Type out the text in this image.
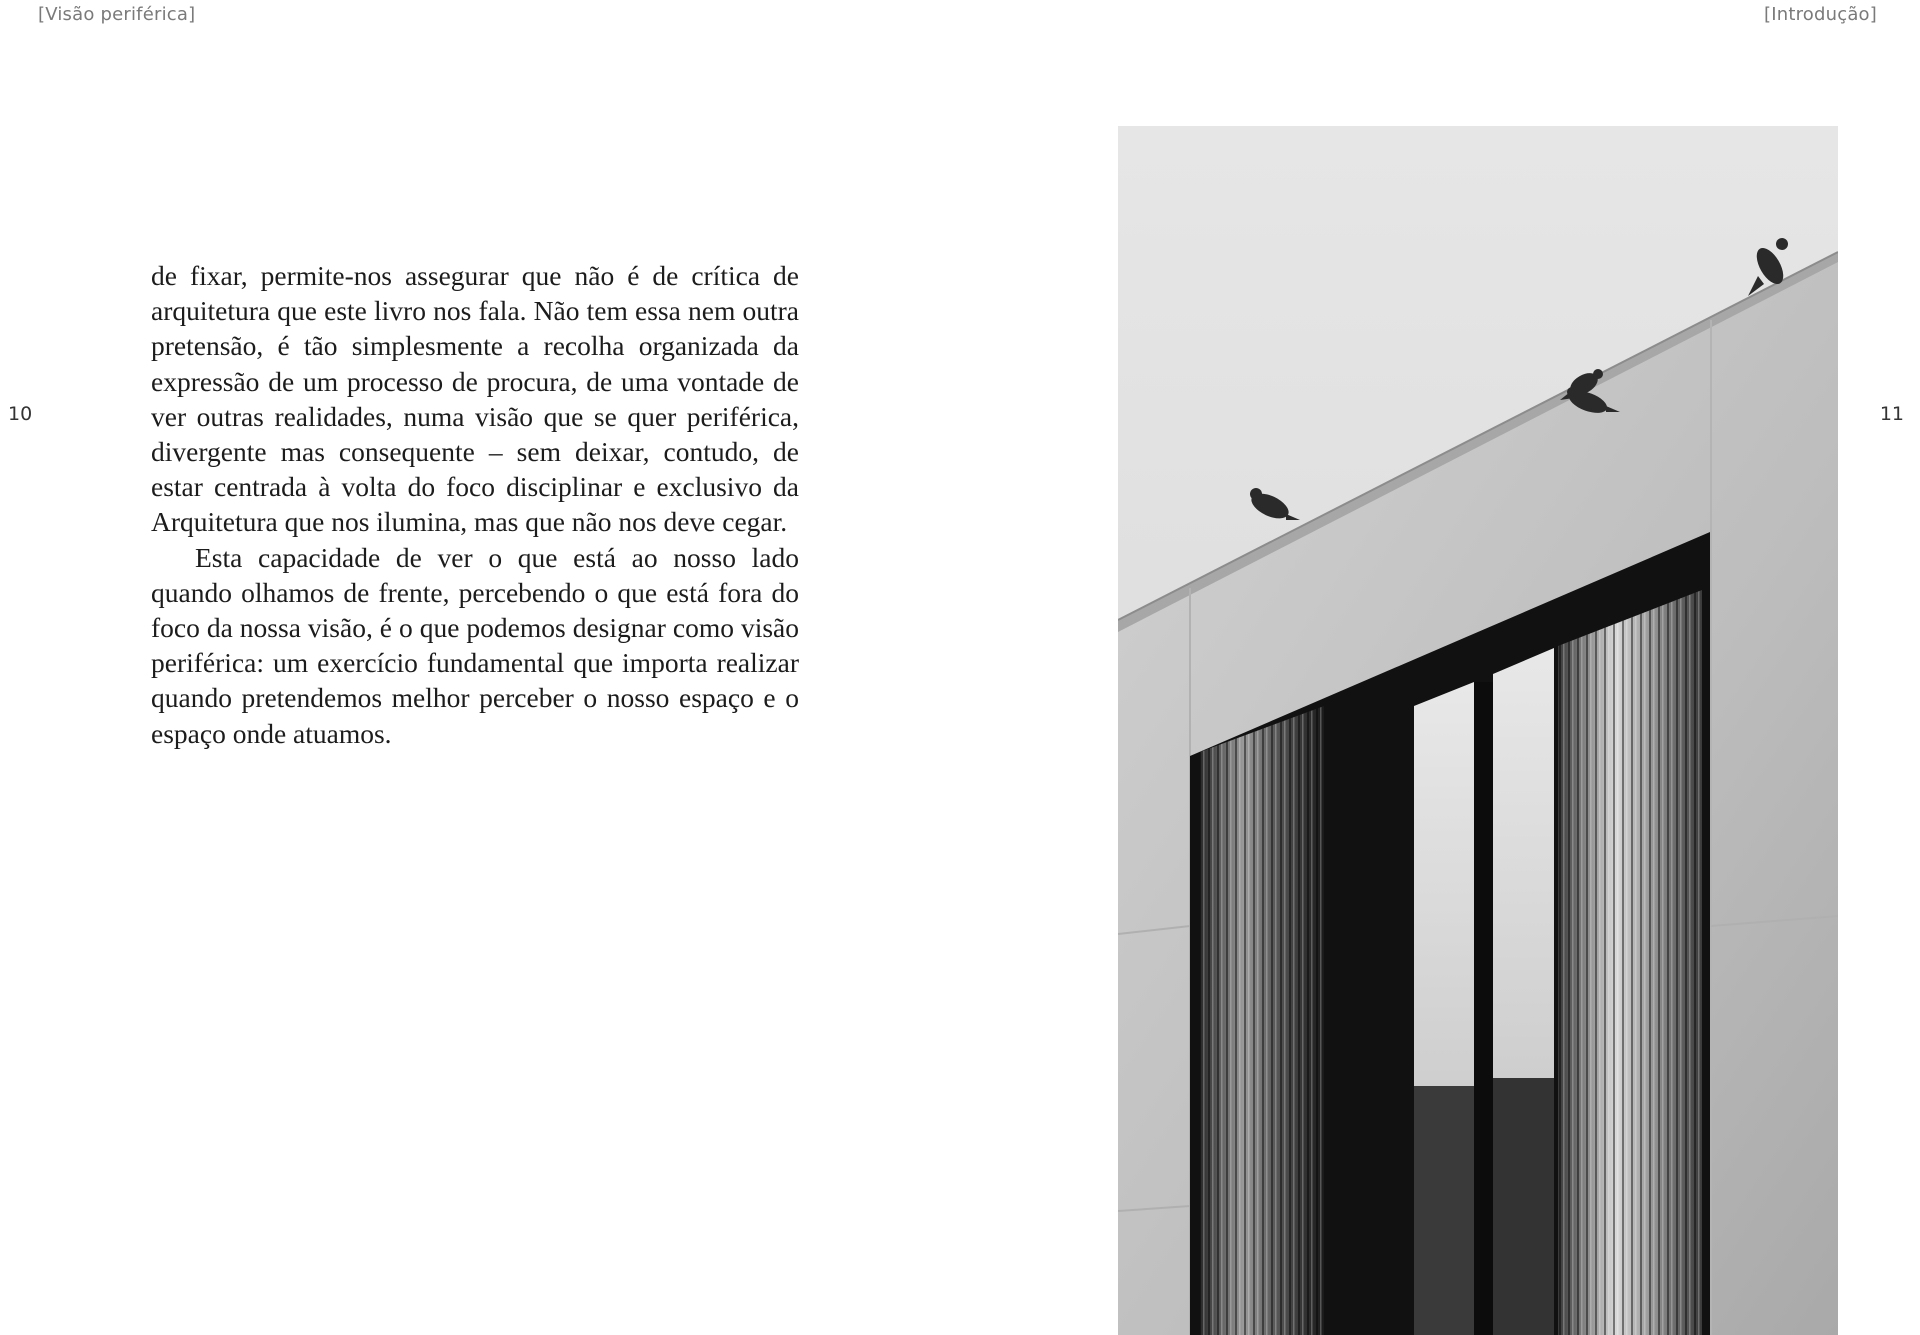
[Visão periférica]	[Introdução]
10	11

de fixar, permite-nos assegurar que não é de crítica de arquitetura que este livro nos fala. Não tem essa nem outra pretensão, é tão simplesmente a recolha organizada da expressão de um processo de procura, de uma vontade de ver outras realidades, numa visão que se quer periférica, divergente mas consequente – sem deixar, contudo, de estar centrada à volta do foco disciplinar e exclusivo da Arquitetura que nos ilumina, mas que não nos deve cegar.

Esta capacidade de ver o que está ao nosso lado quando olhamos de frente, percebendo o que está fora do foco da nossa visão, é o que podemos designar como visão periférica: um exercício fundamental que importa realizar quando pretendemos melhor perceber o nosso espaço e o espaço onde atuamos.
